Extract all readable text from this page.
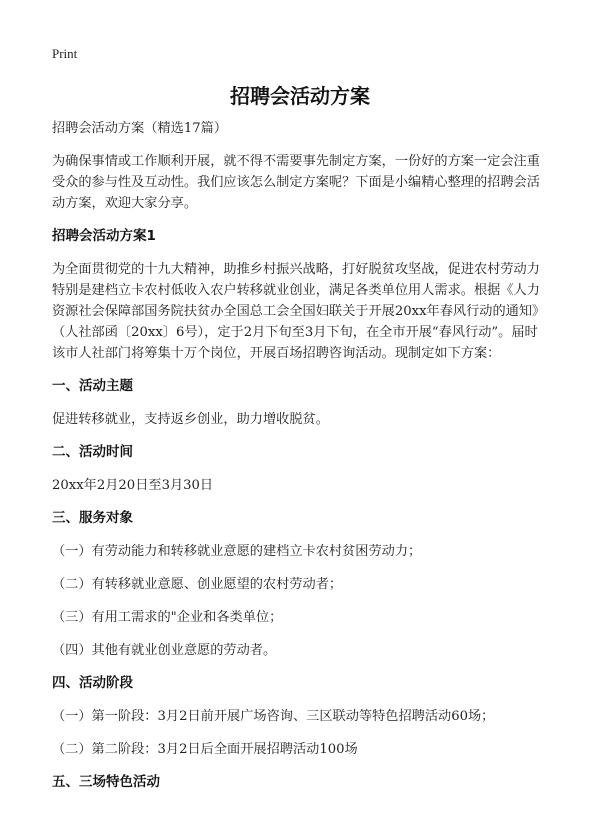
Print
招聘会活动方案

招聘会活动方案（精选17篇）

为确保事情或工作顺利开展，就不得不需要事先制定方案，一份好的方案一定会注重受众的参与性及互动性。我们应该怎么制定方案呢？下面是小编精心整理的招聘会活动方案，欢迎大家分享。

招聘会活动方案1

为全面贯彻党的十九大精神，助推乡村振兴战略，打好脱贫攻坚战，促进农村劳动力特别是建档立卡农村低收入农户转移就业创业，满足各类单位用人需求。根据《人力资源社会保障部国务院扶贫办全国总工会全国妇联关于开展20xx年春风行动的通知》（人社部函〔20xx〕6号），定于2月下旬至3月下旬，在全市开展“春风行动”。届时该市人社部门将筹集十万个岗位，开展百场招聘咨询活动。现制定如下方案：

一、活动主题

促进转移就业，支持返乡创业，助力增收脱贫。

二、活动时间

20xx年2月20日至3月30日

三、服务对象

（一）有劳动能力和转移就业意愿的建档立卡农村贫困劳动力；

（二）有转移就业意愿、创业愿望的农村劳动者；

（三）有用工需求的"企业和各类单位；

（四）其他有就业创业意愿的劳动者。

四、活动阶段

（一）第一阶段：3月2日前开展广场咨询、三区联动等特色招聘活动60场；

（二）第二阶段：3月2日后全面开展招聘活动100场

五、三场特色活动
